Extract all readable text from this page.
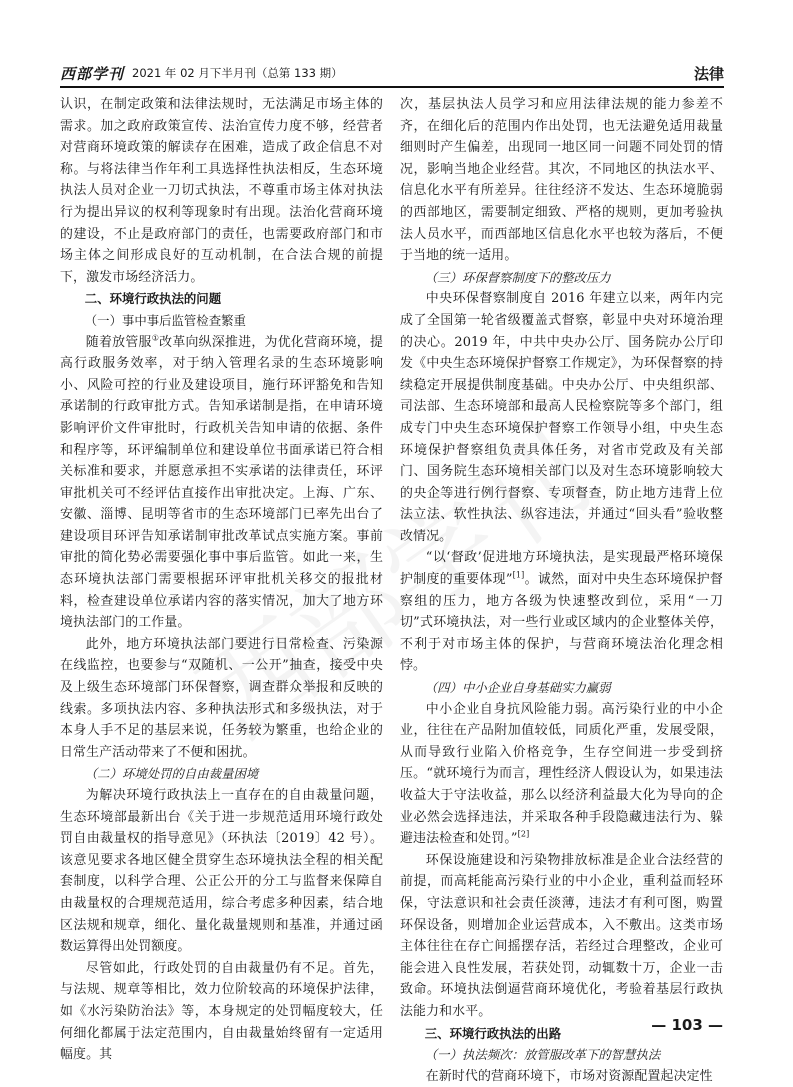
西部学刊 2021 年 02 月下半月刊（总第 133 期）	法律

认识，在制定政策和法律法规时，无法满足市场主体的需求。加之政府政策宣传、法治宣传力度不够，经营者对营商环境政策的解读存在困难，造成了政企信息不对称。与将法律当作年利工具选择性执法相反，生态环境执法人员对企业一刀切式执法，不尊重市场主体对执法行为提出异议的权利等现象时有出现。法治化营商环境的建设，不止是政府部门的责任，也需要政府部门和市场主体之间形成良好的互动机制，在合法合规的前提下，激发市场经济活力。

二、环境行政执法的问题
（一）事中事后监管检查繁重

随着放管服①改革向纵深推进，为优化营商环境，提高行政服务效率，对于纳入管理名录的生态环境影响小、风险可控的行业及建设项目，施行环评豁免和告知承诺制的行政审批方式。告知承诺制是指，在申请环境影响评价文件审批时，行政机关告知申请的依据、条件和程序等，环评编制单位和建设单位书面承诺已符合相关标准和要求，并愿意承担不实承诺的法律责任，环评审批机关可不经评估直接作出审批决定。上海、广东、安徽、淄博、昆明等省市的生态环境部门已率先出台了建设项目环评告知承诺制审批改革试点实施方案。事前审批的简化势必需要强化事中事后监管。如此一来，生态环境执法部门需要根据环评审批机关移交的报批材料，检查建设单位承诺内容的落实情况，加大了地方环境执法部门的工作量。

此外，地方环境执法部门要进行日常检查、污染源在线监控，也要参与“双随机、一公开”抽查，接受中央及上级生态环境部门环保督察，调查群众举报和反映的线索。多项执法内容、多种执法形式和多级执法，对于本身人手不足的基层来说，任务较为繁重，也给企业的日常生产活动带来了不便和困扰。

（二）环境处罚的自由裁量困境

为解决环境行政执法上一直存在的自由裁量问题，生态环境部最新出台《关于进一步规范适用环境行政处罚自由裁量权的指导意见》（环执法〔2019〕42 号）。该意见要求各地区健全贯穿生态环境执法全程的相关配套制度，以科学合理、公正公开的分工与监督来保障自由裁量权的合理规范适用，综合考虑多种因素，结合地区法规和规章，细化、量化裁量规则和基准，并通过函数运算得出处罚额度。

尽管如此，行政处罚的自由裁量仍有不足。首先，与法规、规章等相比，效力位阶较高的环境保护法律，如《水污染防治法》等，本身规定的处罚幅度较大，任何细化都属于法定范围内，自由裁量始终留有一定适用幅度。其

次，基层执法人员学习和应用法律法规的能力参差不齐，在细化后的范围内作出处罚，也无法避免适用裁量细则时产生偏差，出现同一地区同一问题不同处罚的情况，影响当地企业经营。其次，不同地区的执法水平、信息化水平有所差异。往往经济不发达、生态环境脆弱的西部地区，需要制定细致、严格的规则，更加考验执法人员水平，而西部地区信息化水平也较为落后，不便于当地的统一适用。

（三）环保督察制度下的整改压力

中央环保督察制度自 2016 年建立以来，两年内完成了全国第一轮省级覆盖式督察，彰显中央对环境治理的决心。2019 年，中共中央办公厅、国务院办公厅印发《中央生态环境保护督察工作规定》，为环保督察的持续稳定开展提供制度基础。中央办公厅、中央组织部、司法部、生态环境部和最高人民检察院等多个部门，组成专门中央生态环境保护督察工作领导小组，中央生态环境保护督察组负责具体任务，对省市党政及有关部门、国务院生态环境相关部门以及对生态环境影响较大的央企等进行例行督察、专项督查，防止地方违背上位法立法、软性执法、纵容违法，并通过“回头看”验收整改情况。

“以‘督政’促进地方环境执法，是实现最严格环境保护制度的重要体现”[1]。诚然，面对中央生态环境保护督察组的压力，地方各级为快速整改到位，采用“一刀切”式环境执法，对一些行业或区域内的企业整体关停，不利于对市场主体的保护，与营商环境法治化理念相悖。

（四）中小企业自身基础实力赢弱

中小企业自身抗风险能力弱。高污染行业的中小企业，往往在产品附加值较低，同质化严重，发展受限，从而导致行业陷入价格竞争，生存空间进一步受到挤压。“就环境行为而言，理性经济人假设认为，如果违法收益大于守法收益，那么以经济利益最大化为导向的企业必然会选择违法，并采取各种手段隐藏违法行为、躲避违法检查和处罚。”[2]

环保设施建设和污染物排放标准是企业合法经营的前提，而高耗能高污染行业的中小企业，重利益而轻环保，守法意识和社会责任淡薄，违法才有利可图，购置环保设备，则增加企业运营成本，入不敷出。这类市场主体往往在存亡间摇摆存活，若经过合理整改，企业可能会进入良性发展，若获处罚，动辄数十万，企业一击致命。环境执法倒逼营商环境优化，考验着基层行政执法能力和水平。

三、环境行政执法的出路
（一）执法频次：放管服改革下的智慧执法

在新时代的营商环境下，市场对资源配置起决定性

— 103 —
